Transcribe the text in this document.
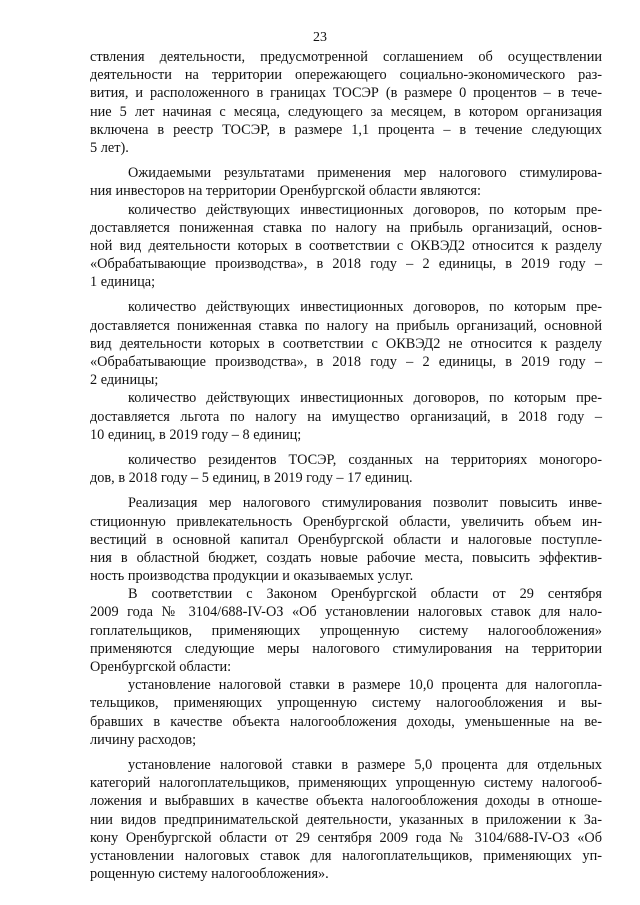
23
ствления деятельности, предусмотренной соглашением об осуществлении
деятельности на территории опережающего социально-экономического раз-
вития, и расположенного в границах ТОСЭР (в размере 0 процентов – в тече-
ние 5 лет начиная с месяца, следующего за месяцем, в котором организация
включена в реестр ТОСЭР, в размере 1,1 процента – в течение следующих
5 лет).
Ожидаемыми результатами применения мер налогового стимулирова-
ния инвесторов на территории Оренбургской области являются:
количество действующих инвестиционных договоров, по которым пре-
доставляется пониженная ставка по налогу на прибыль организаций, основ-
ной вид деятельности которых в соответствии с ОКВЭД2 относится к разделу
«Обрабатывающие производства», в 2018 году – 2 единицы, в 2019 году –
1 единица;
количество действующих инвестиционных договоров, по которым пре-
доставляется пониженная ставка по налогу на прибыль организаций, основной
вид деятельности которых в соответствии с ОКВЭД2 не относится к разделу
«Обрабатывающие производства», в 2018 году – 2 единицы, в 2019 году –
2 единицы;
количество действующих инвестиционных договоров, по которым пре-
доставляется льгота по налогу на имущество организаций, в 2018 году –
10 единиц, в 2019 году – 8 единиц;
количество резидентов ТОСЭР, созданных на территориях моногоро-
дов, в 2018 году – 5 единиц, в 2019 году – 17 единиц.
Реализация мер налогового стимулирования позволит повысить инве-
стиционную привлекательность Оренбургской области, увеличить объем ин-
вестиций в основной капитал Оренбургской области и налоговые поступле-
ния в областной бюджет, создать новые рабочие места, повысить эффектив-
ность производства продукции и оказываемых услуг.
В соответствии с Законом Оренбургской области от 29 сентября
2009 года № 3104/688-IV-ОЗ «Об установлении налоговых ставок для нало-
гоплательщиков, применяющих упрощенную систему налогообложения»
применяются следующие меры налогового стимулирования на территории
Оренбургской области:
установление налоговой ставки в размере 10,0 процента для налогопла-
тельщиков, применяющих упрощенную систему налогообложения и вы-
бравших в качестве объекта налогообложения доходы, уменьшенные на ве-
личину расходов;
установление налоговой ставки в размере 5,0 процента для отдельных
категорий налогоплательщиков, применяющих упрощенную систему налогооб-
ложения и выбравших в качестве объекта налогообложения доходы в отноше-
нии видов предпринимательской деятельности, указанных в приложении к За-
кону Оренбургской области от 29 сентября 2009 года № 3104/688-IV-ОЗ «Об
установлении налоговых ставок для налогоплательщиков, применяющих уп-
рощенную систему налогообложения».
